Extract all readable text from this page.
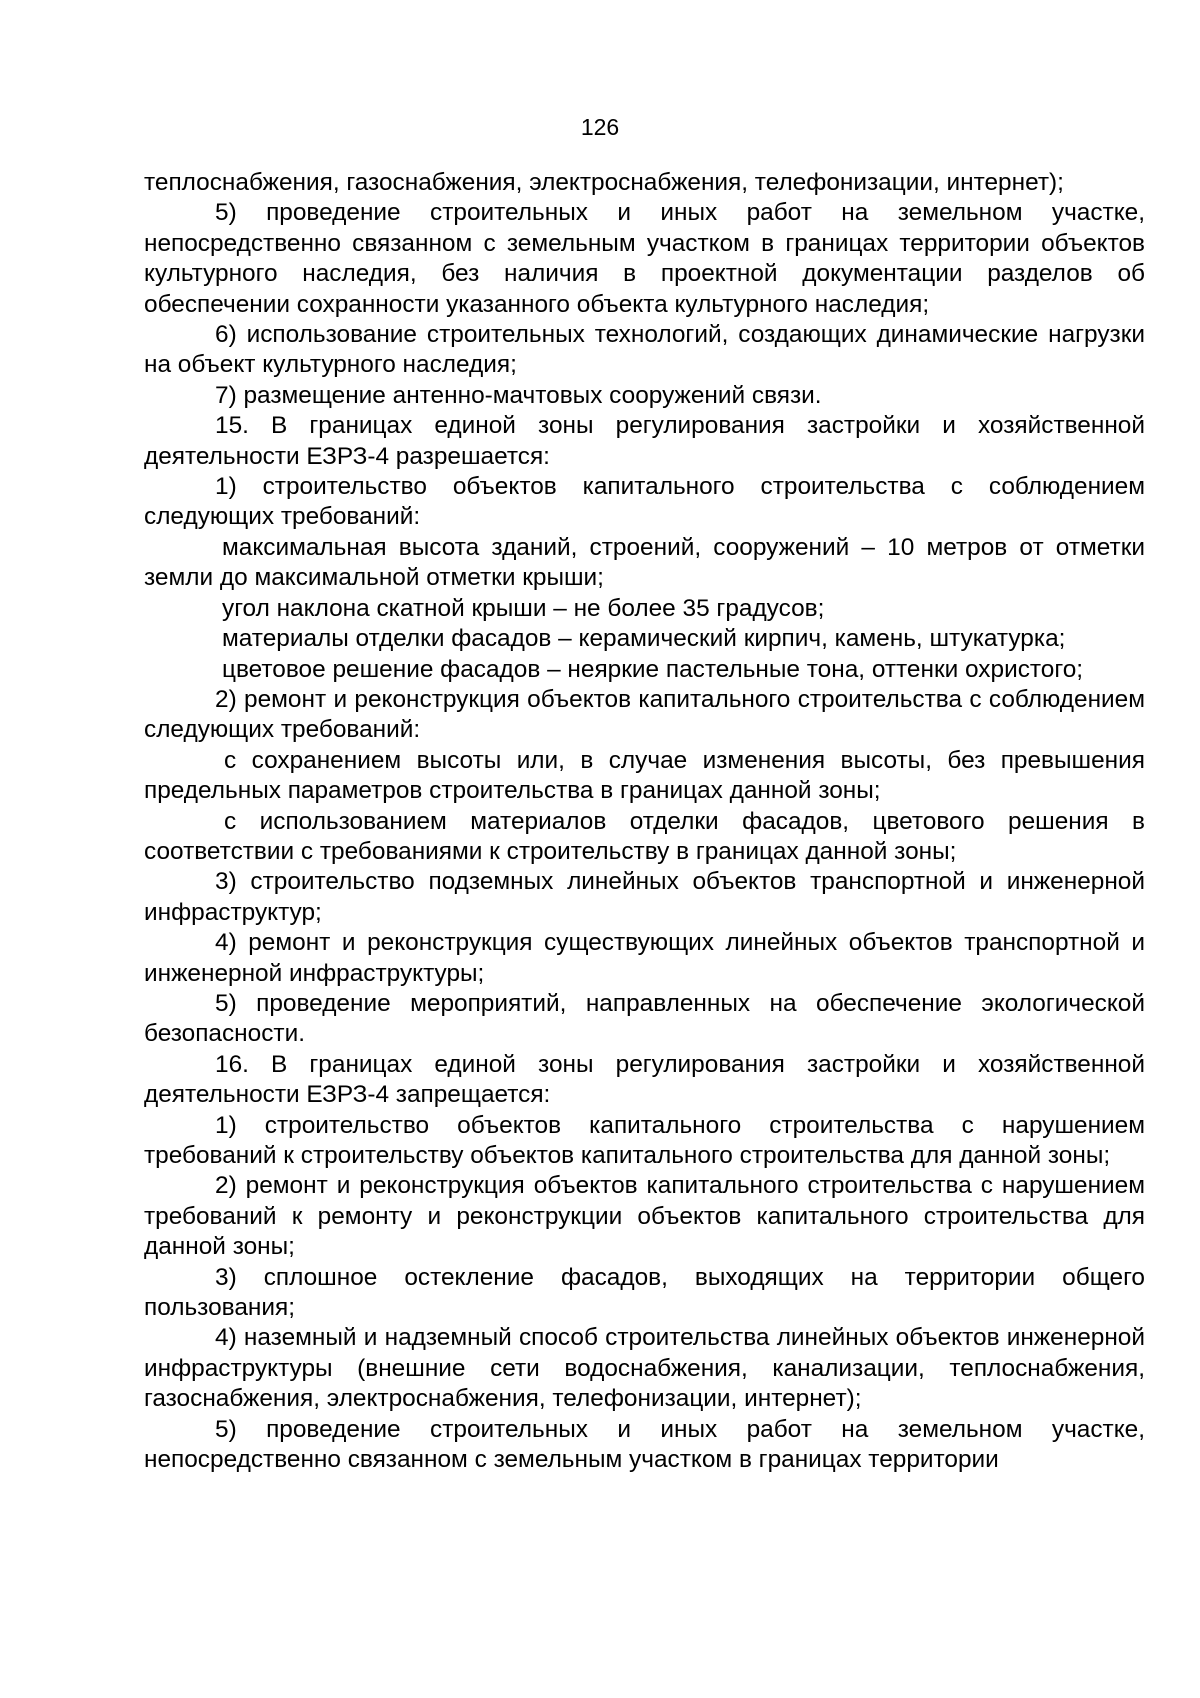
126

теплоснабжения, газоснабжения, электроснабжения, телефонизации, интернет);

5) проведение строительных и иных работ на земельном участке, непосредственно связанном с земельным участком в границах территории объектов культурного наследия, без наличия в проектной документации разделов об обеспечении сохранности указанного объекта культурного наследия;

6) использование строительных технологий, создающих динамические нагрузки на объект культурного наследия;

7) размещение антенно-мачтовых сооружений связи.

15. В границах единой зоны регулирования застройки и хозяйственной деятельности ЕЗРЗ-4 разрешается:

1) строительство объектов капитального строительства с соблюдением следующих требований:

максимальная высота зданий, строений, сооружений – 10 метров от отметки земли до максимальной отметки крыши;

угол наклона скатной крыши – не более 35 градусов;

материалы отделки фасадов – керамический кирпич, камень, штукатурка;

цветовое решение фасадов – неяркие пастельные тона, оттенки охристого;

2) ремонт и реконструкция объектов капитального строительства с соблюдением следующих требований:

с сохранением высоты или, в случае изменения высоты, без превышения предельных параметров строительства в границах данной зоны;

с использованием материалов отделки фасадов, цветового решения в соответствии с требованиями к строительству в границах данной зоны;

3) строительство подземных линейных объектов транспортной и инженерной инфраструктур;

4) ремонт и реконструкция существующих линейных объектов транспортной и инженерной инфраструктуры;

5) проведение мероприятий, направленных на обеспечение экологической безопасности.

16. В границах единой зоны регулирования застройки и хозяйственной деятельности ЕЗРЗ-4 запрещается:

1) строительство объектов капитального строительства с нарушением требований к строительству объектов капитального строительства для данной зоны;

2) ремонт и реконструкция объектов капитального строительства с нарушением требований к ремонту и реконструкции объектов капитального строительства для данной зоны;

3) сплошное остекление фасадов, выходящих на территории общего пользования;

4) наземный и надземный способ строительства линейных объектов инженерной инфраструктуры (внешние сети водоснабжения, канализации, теплоснабжения, газоснабжения, электроснабжения, телефонизации, интернет);

5) проведение строительных и иных работ на земельном участке, непосредственно связанном с земельным участком в границах территории
